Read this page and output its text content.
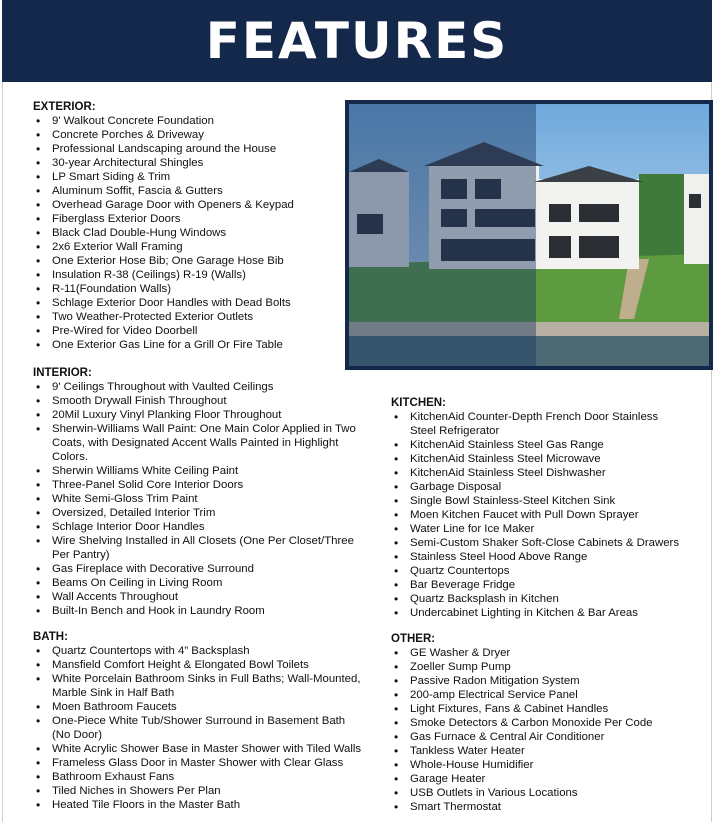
FEATURES
EXTERIOR:
• 9' Walkout Concrete Foundation
• Concrete Porches & Driveway
• Professional Landscaping around the House
• 30-year Architectural Shingles
• LP Smart Siding & Trim
• Aluminum Soffit, Fascia & Gutters
• Overhead Garage Door with Openers & Keypad
• Fiberglass Exterior Doors
• Black Clad Double-Hung Windows
• 2x6 Exterior Wall Framing
• One Exterior Hose Bib; One Garage Hose Bib
• Insulation R-38 (Ceilings) R-19 (Walls)
• R-11(Foundation Walls)
• Schlage Exterior Door Handles with Dead Bolts
• Two Weather-Protected Exterior Outlets
• Pre-Wired for Video Doorbell
• One Exterior Gas Line for a Grill Or Fire Table
INTERIOR:
• 9' Ceilings Throughout with Vaulted Ceilings
• Smooth Drywall Finish Throughout
• 20Mil Luxury Vinyl Planking Floor Throughout
• Sherwin-Williams Wall Paint: One Main Color Applied in Two
Coats, with Designated Accent Walls Painted in Highlight
Colors.
• Sherwin Williams White Ceiling Paint
• Three-Panel Solid Core Interior Doors
• White Semi-Gloss Trim Paint
• Oversized, Detailed Interior Trim
• Schlage Interior Door Handles
• Wire Shelving Installed in All Closets (One Per Closet/Three
Per Pantry)
• Gas Fireplace with Decorative Surround
• Beams On Ceiling in Living Room
• Wall Accents Throughout
• Built-In Bench and Hook in Laundry Room
BATH:
• Quartz Countertops with 4” Backsplash
• Mansfield Comfort Height & Elongated Bowl Toilets
• White Porcelain Bathroom Sinks in Full Baths; Wall-Mounted,
Marble Sink in Half Bath
• Moen Bathroom Faucets
• One-Piece White Tub/Shower Surround in Basement Bath
(No Door)
• White Acrylic Shower Base in Master Shower with Tiled Walls
• Frameless Glass Door in Master Shower with Clear Glass
• Bathroom Exhaust Fans
• Tiled Niches in Showers Per Plan
• Heated Tile Floors in the Master Bath
KITCHEN:
• KitchenAid Counter-Depth French Door Stainless
Steel Refrigerator
• KitchenAid Stainless Steel Gas Range
• KitchenAid Stainless Steel Microwave
• KitchenAid Stainless Steel Dishwasher
• Garbage Disposal
• Single Bowl Stainless-Steel Kitchen Sink
• Moen Kitchen Faucet with Pull Down Sprayer
• Water Line for Ice Maker
• Semi-Custom Shaker Soft-Close Cabinets & Drawers
• Stainless Steel Hood Above Range
• Quartz Countertops
• Bar Beverage Fridge
• Quartz Backsplash in Kitchen
• Undercabinet Lighting in Kitchen & Bar Areas
OTHER:
• GE Washer & Dryer
• Zoeller Sump Pump
• Passive Radon Mitigation System
• 200-amp Electrical Service Panel
• Light Fixtures, Fans & Cabinet Handles
• Smoke Detectors & Carbon Monoxide Per Code
• Gas Furnace & Central Air Conditioner
• Tankless Water Heater
• Whole-House Humidifier
• Garage Heater
• USB Outlets in Various Locations
• Smart Thermostat
